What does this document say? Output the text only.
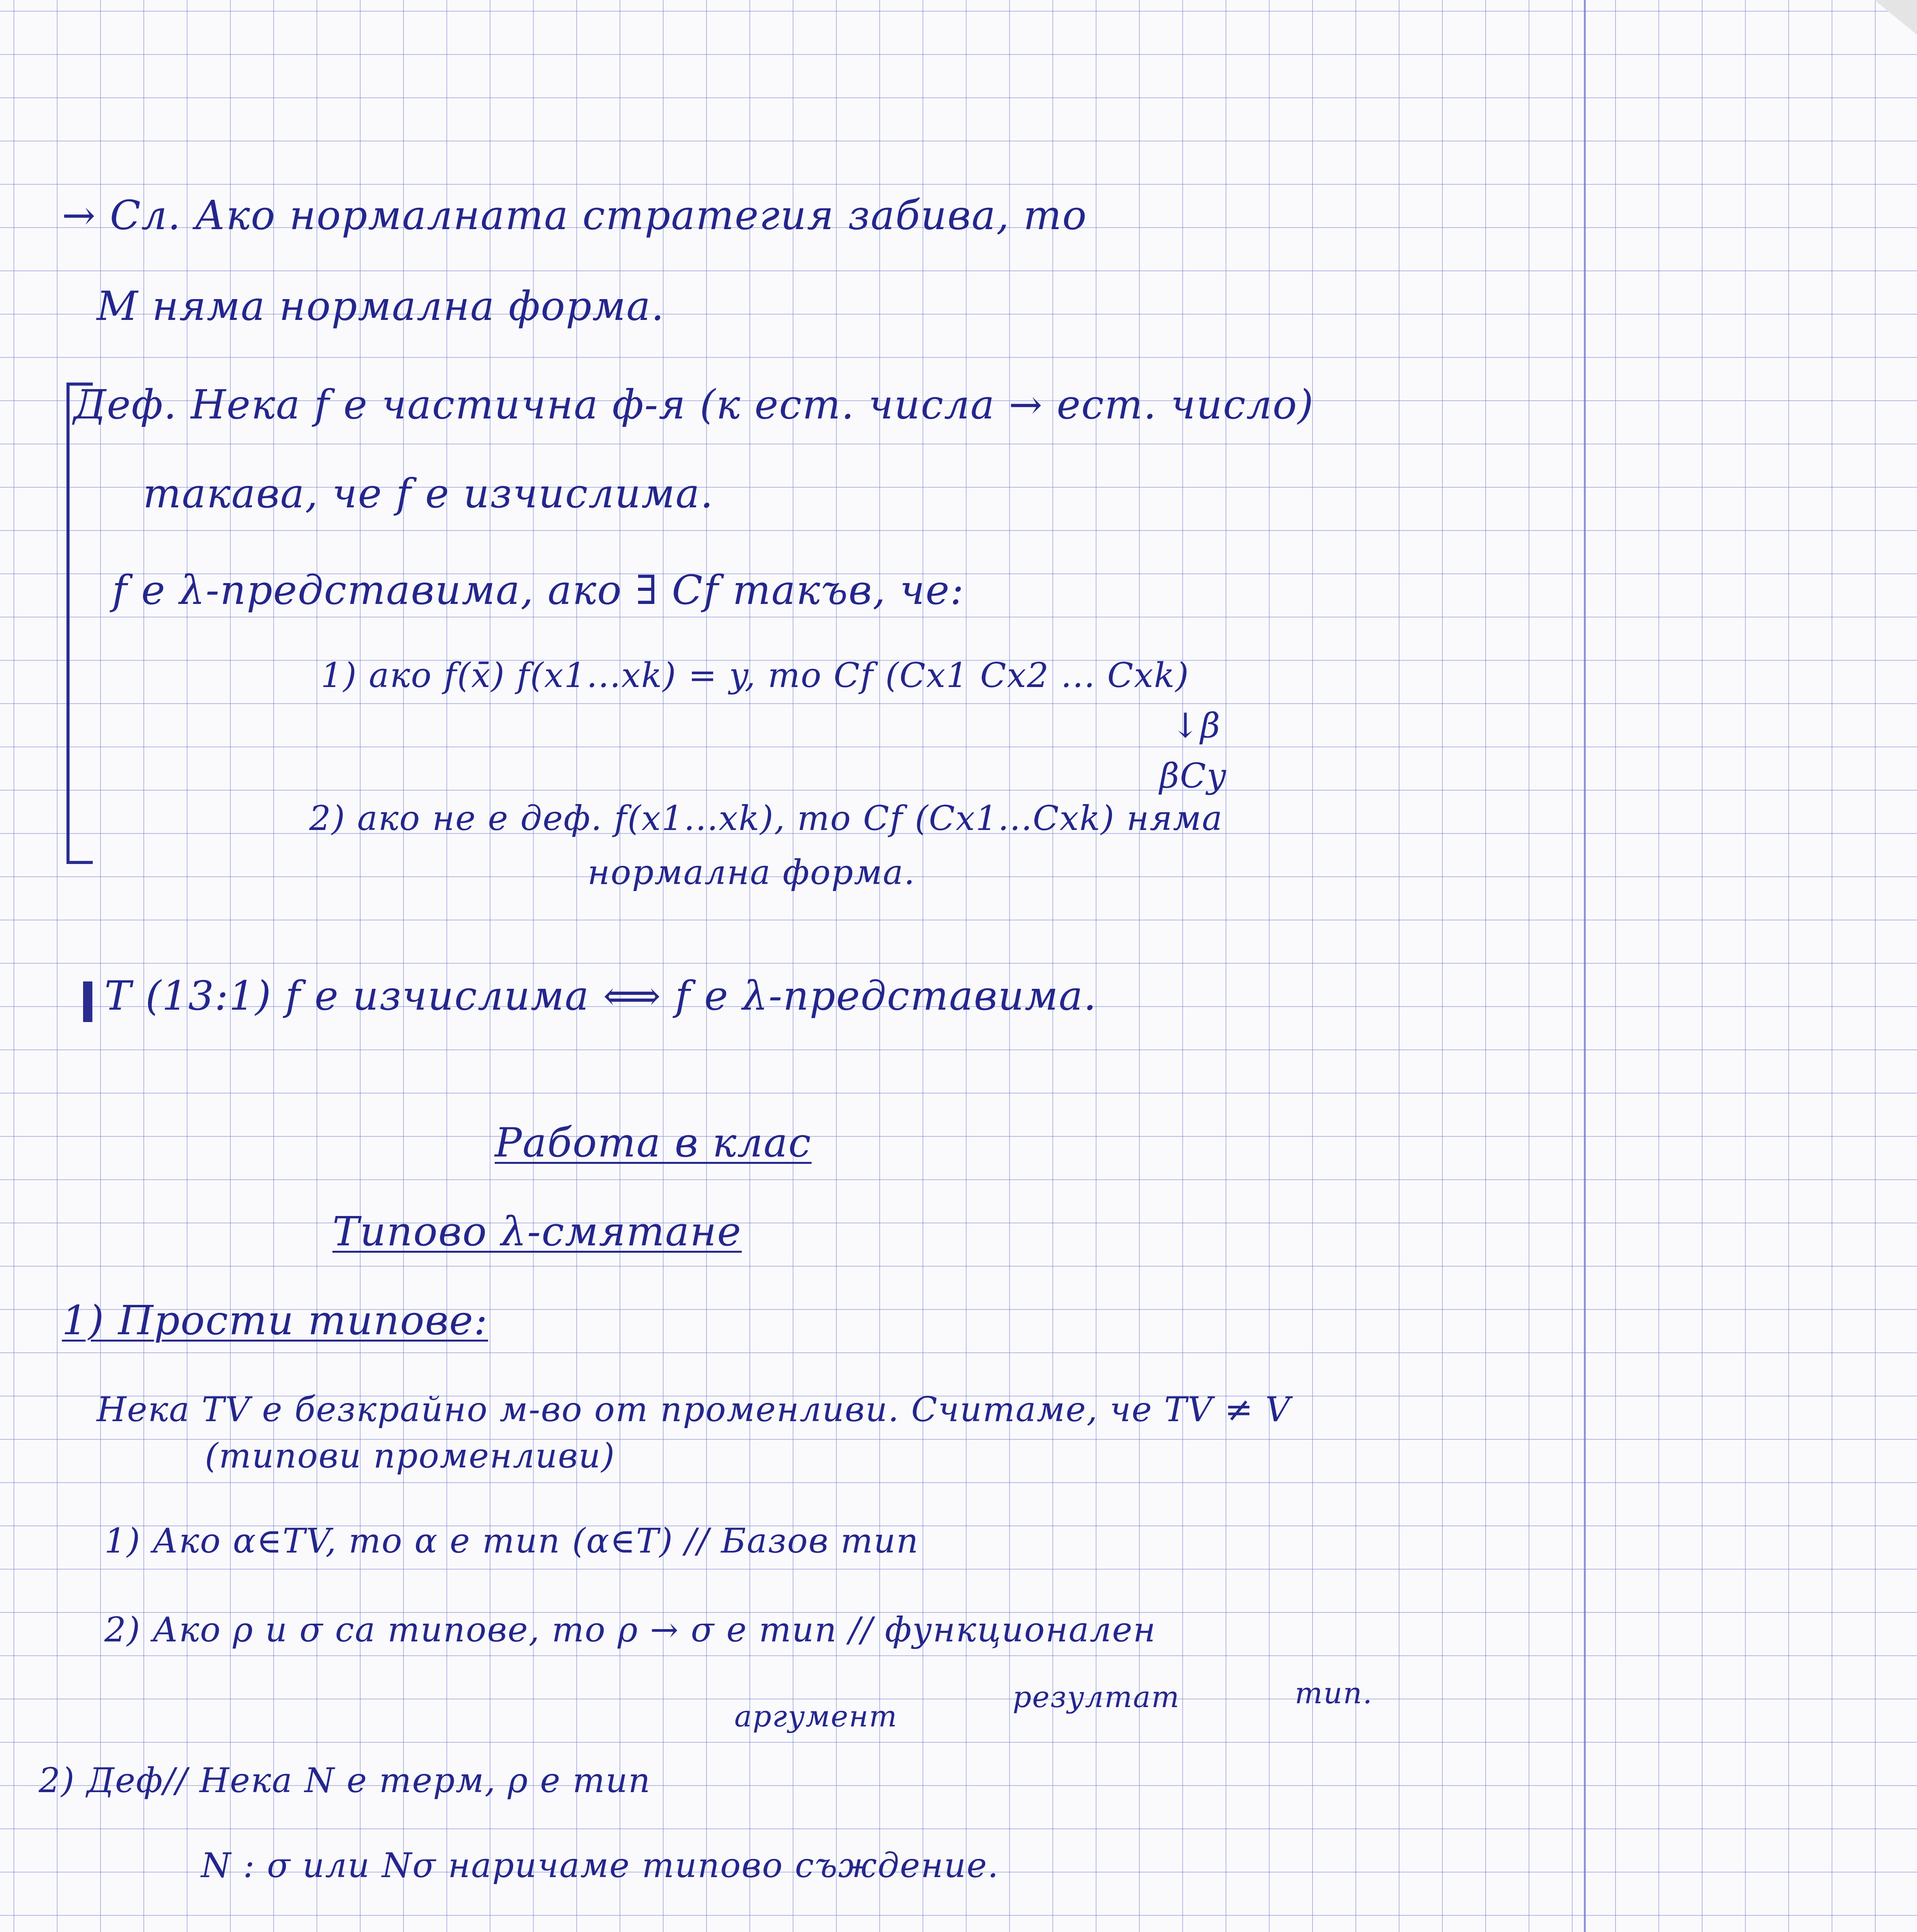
→ Сл. Ако нормалната стратегия забива, то

M няма нормална форма.

Деф. Нека f е частична ф-я (к ест. числа → ест. число)

такава, че f е изчислима.

f е λ-представима, ако ∃ Cf такъв, че:

1) ако f(x̄) f(x1...xk) = y, то Cf (Cx1 Cx2 ... Cxk)

↓β

βCy

2) ако не е деф. f(x1...xk), то Cf (Cx1...Cxk) няма

нормална форма.

Т (13:1) f е изчислима ⟺ f е λ-представима.

Работа в клас

Типово λ-смятане

1) Прости типове:

Нека TV е безкрайно м-во от променливи. Считаме, че TV ≠ V

(типови променливи)

1) Ако α∈TV, то α е тип (α∈T) // Базов тип

2) Ако ρ и σ са типове, то ρ → σ е тип // функционален

аргумент

резултат	тип.

2) Деф// Нека N е терм, ρ е тип

N : σ или Nσ наричаме типово съждение.
